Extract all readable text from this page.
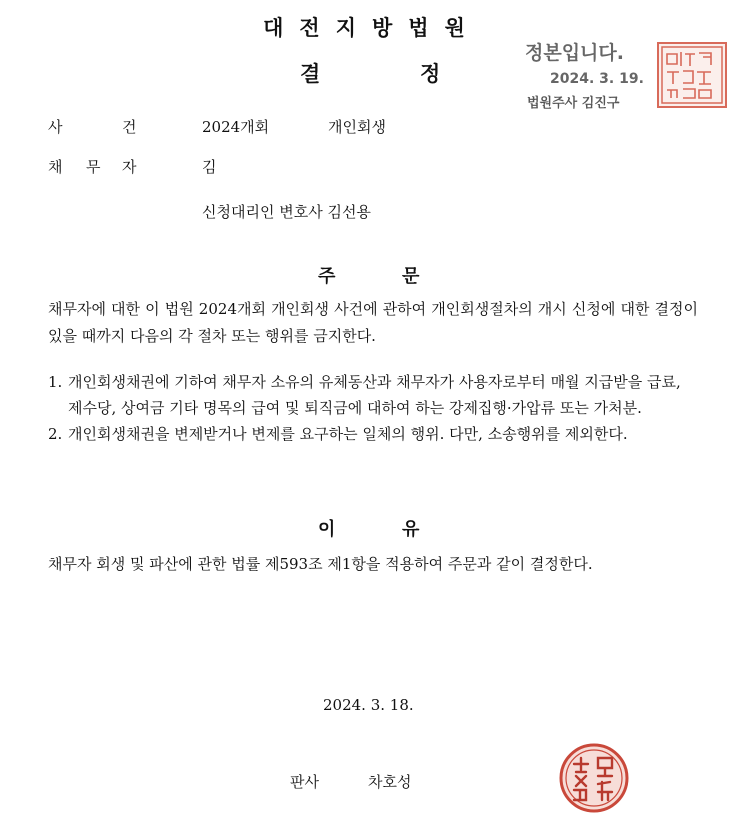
대전지방법원
결	정
정본입니다.
2024. 3. 19.
법원주사 김진구
사	건	2024개회	개인회생
채 무 자	김
신청대리인 변호사 김선용
주	문
채무자에 대한 이 법원 2024개회 개인회생 사건에 관하여 개인회생절차의 개시 신청에 대한 결정이 있을 때까지 다음의 각 절차 또는 행위를 금지한다.
1. 개인회생채권에 기하여 채무자 소유의 유체동산과 채무자가 사용자로부터 매월 지급받을 급료, 제수당, 상여금 기타 명목의 급여 및 퇴직금에 대하여 하는 강제집행·가압류 또는 가처분.
2. 개인회생채권을 변제받거나 변제를 요구하는 일체의 행위. 다만, 소송행위를 제외한다.
이	유
채무자 회생 및 파산에 관한 법률 제593조 제1항을 적용하여 주문과 같이 결정한다.
2024. 3. 18.
판사	차호성
